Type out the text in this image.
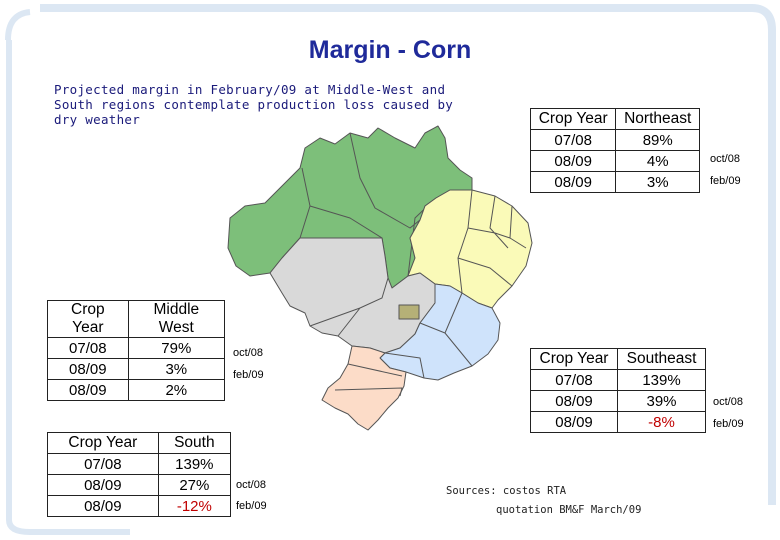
Margin - Corn
Projected margin in February/09 at Middle-West and South regions contemplate production loss caused by dry weather	Crop Year	Northeast
07/08	89%
08/09	4%
08/09	3%
oct/08
feb/09
Crop Year	Middle West
07/08	79%
08/09	3%
08/09	2%
oct/08
feb/09
Crop Year	Southeast
07/08	139%
08/09	39%
08/09	-8%
oct/08
feb/09
Crop Year	South
07/08	139%
08/09	27%
08/09	-12%
oct/08
feb/09
Sources: costos RTA
quotation BM&F March/09
